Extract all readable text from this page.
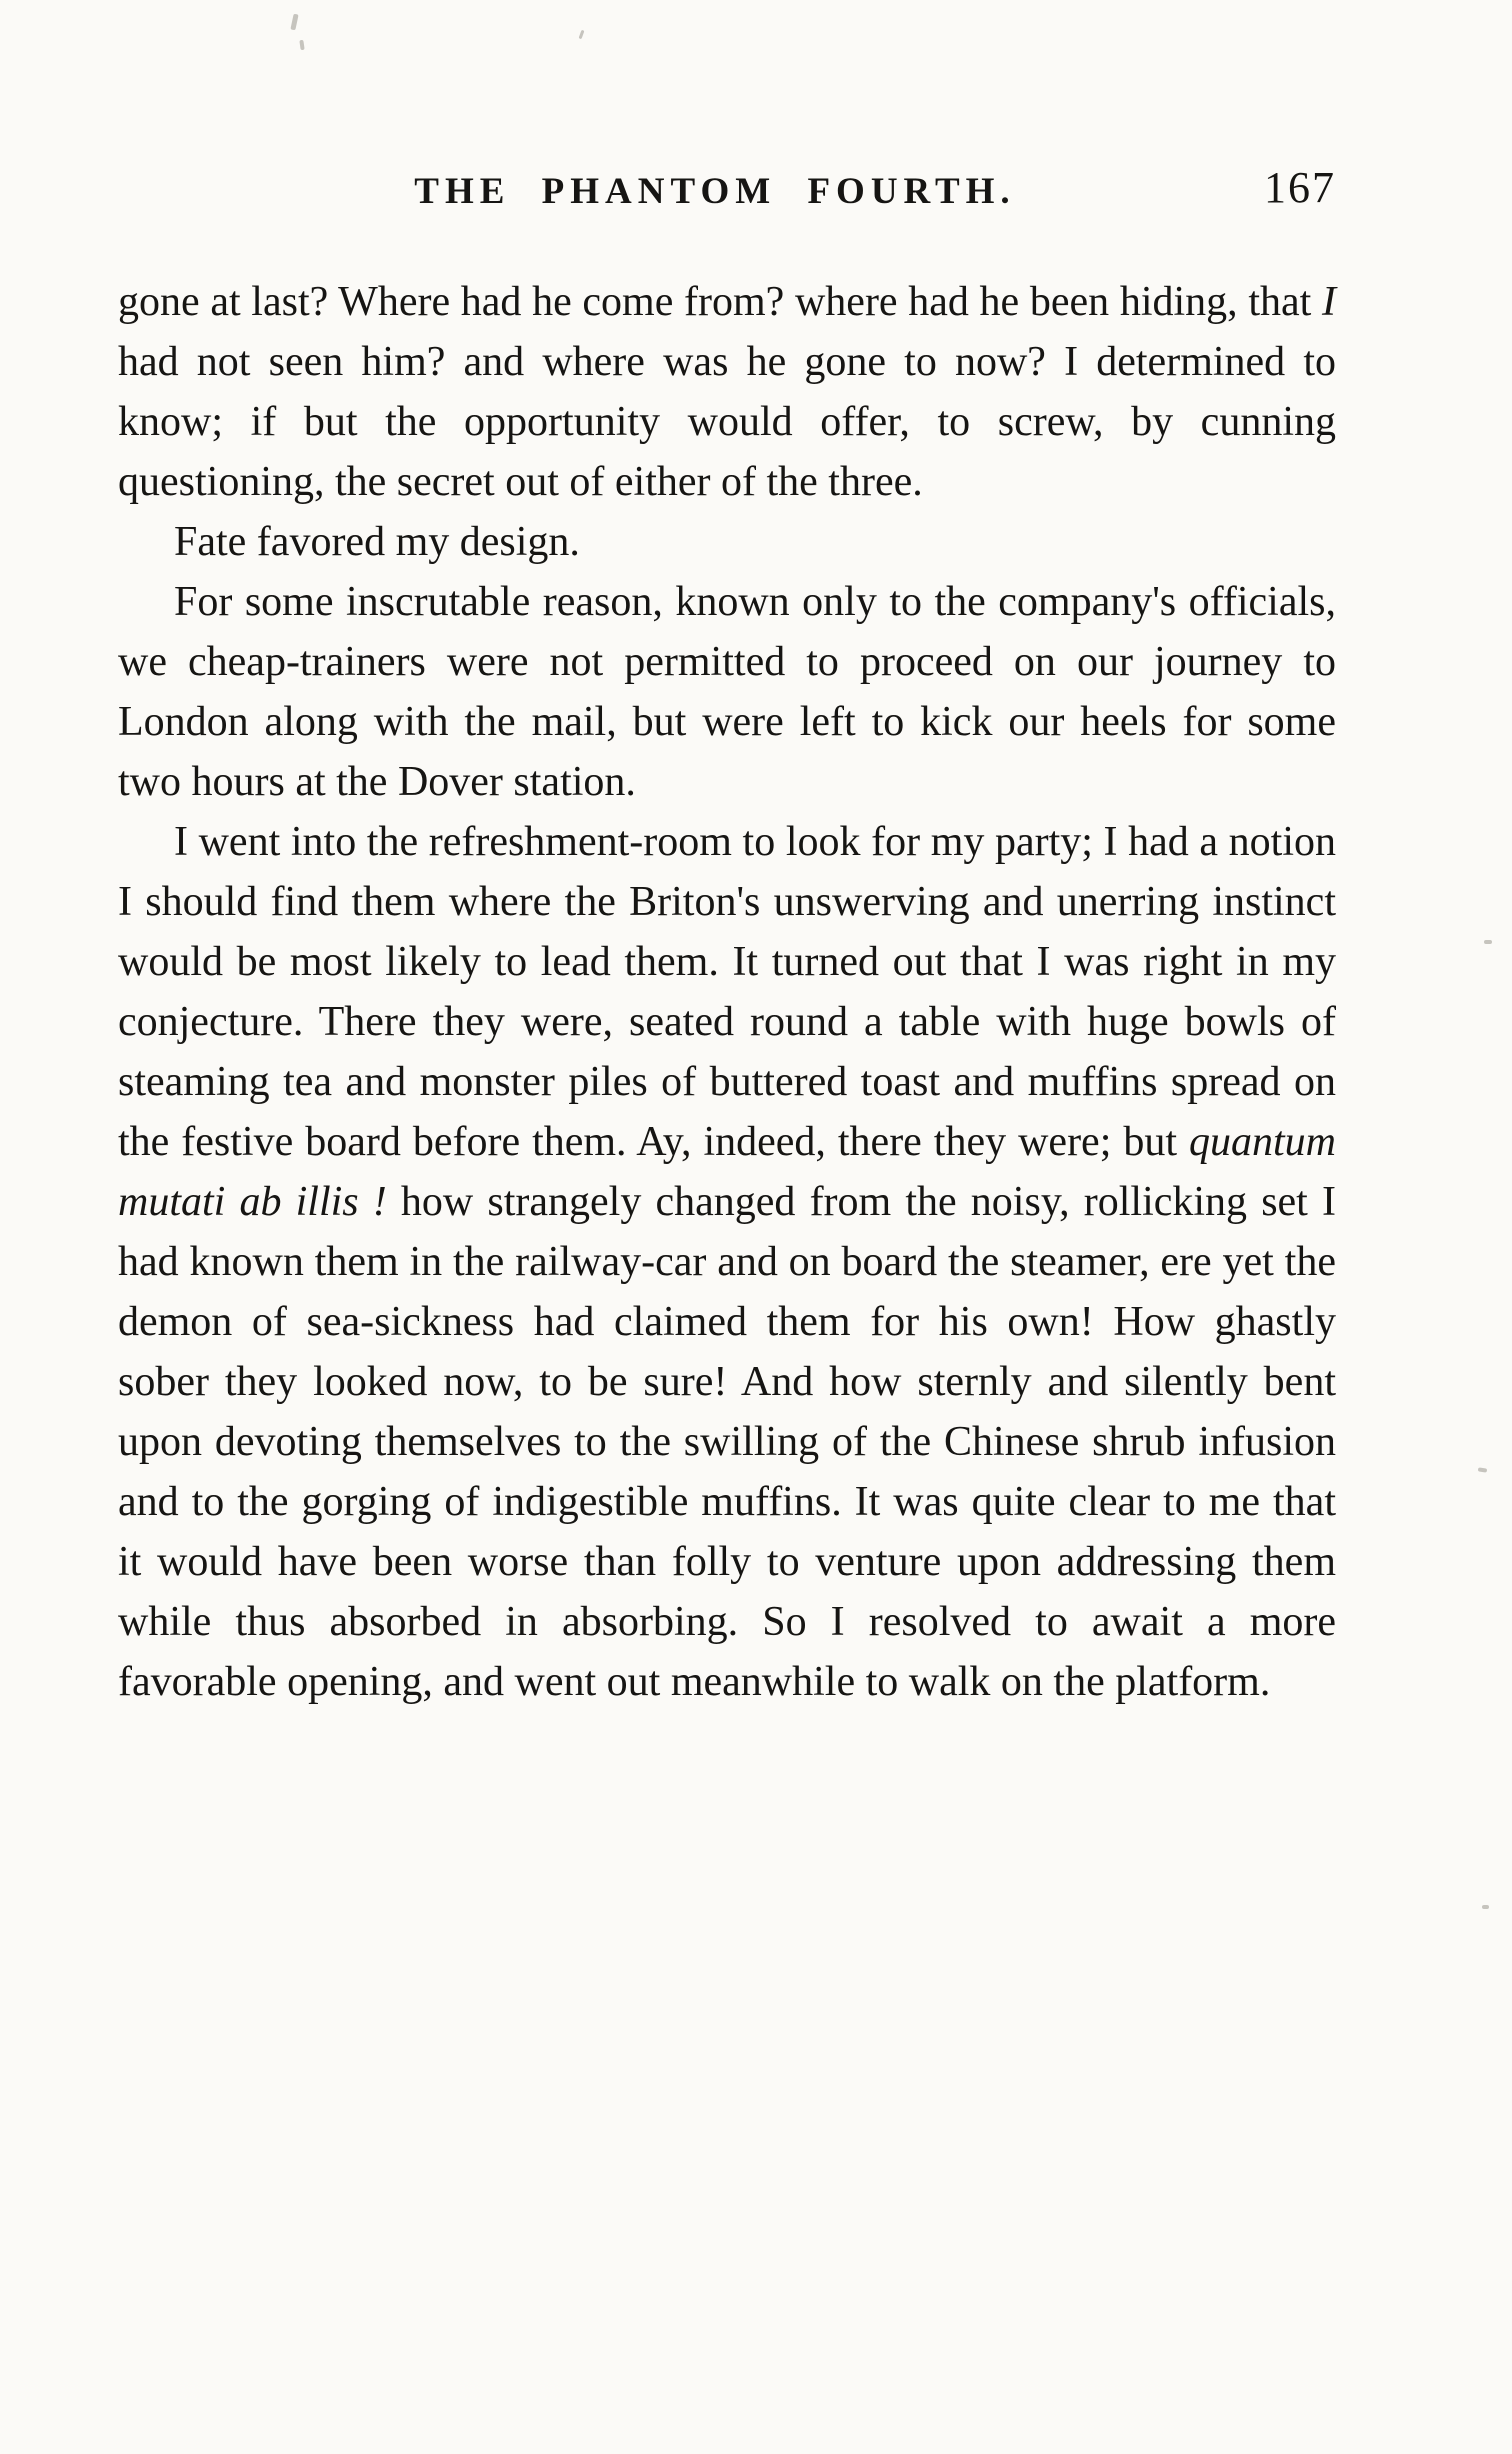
THE PHANTOM FOURTH.	167

gone at last? Where had he come from? where had he been hiding, that I had not seen him? and where was he gone to now? I determined to know; if but the opportunity would offer, to screw, by cunning questioning, the secret out of either of the three.

Fate favored my design.

For some inscrutable reason, known only to the company's officials, we cheap-trainers were not permitted to proceed on our journey to London along with the mail, but were left to kick our heels for some two hours at the Dover station.

I went into the refreshment-room to look for my party; I had a notion I should find them where the Briton's unswerving and unerring instinct would be most likely to lead them. It turned out that I was right in my conjecture. There they were, seated round a table with huge bowls of steaming tea and monster piles of buttered toast and muffins spread on the festive board before them. Ay, indeed, there they were; but quantum mutati ab illis ! how strangely changed from the noisy, rollicking set I had known them in the railway-car and on board the steamer, ere yet the demon of sea-sickness had claimed them for his own! How ghastly sober they looked now, to be sure! And how sternly and silently bent upon devoting themselves to the swilling of the Chinese shrub infusion and to the gorging of indigestible muffins. It was quite clear to me that it would have been worse than folly to venture upon addressing them while thus absorbed in absorbing. So I resolved to await a more favorable opening, and went out meanwhile to walk on the platform.
